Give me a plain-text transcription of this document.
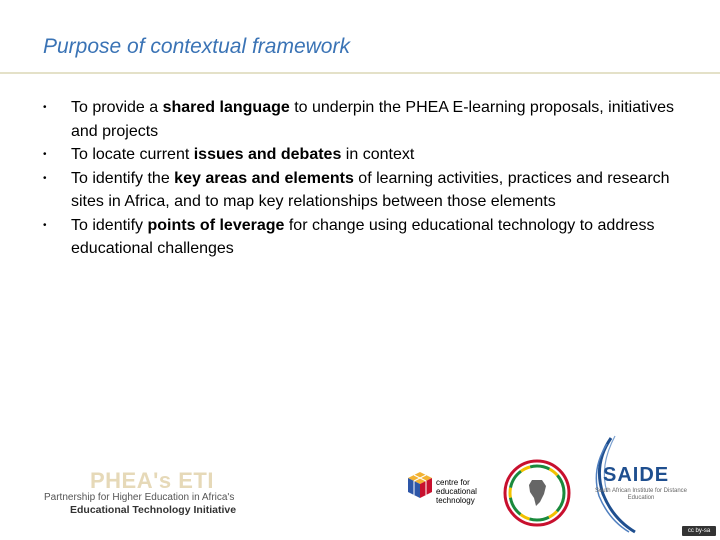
Purpose of contextual framework
•	To provide a shared language to underpin the PHEA E-learning proposals, initiatives and projects
•	To locate current issues and debates in context
•	To identify the key areas and elements of learning activities, practices and research sites in Africa, and to map key relationships between those elements
•	To identify points of leverage for change using educational technology to address educational challenges
PHEA's ETI
Partnership for Higher Education in Africa's
Educational Technology Initiative
centre for educational technology
SAIDE
South African Institute for Distance Education
cc by-sa
